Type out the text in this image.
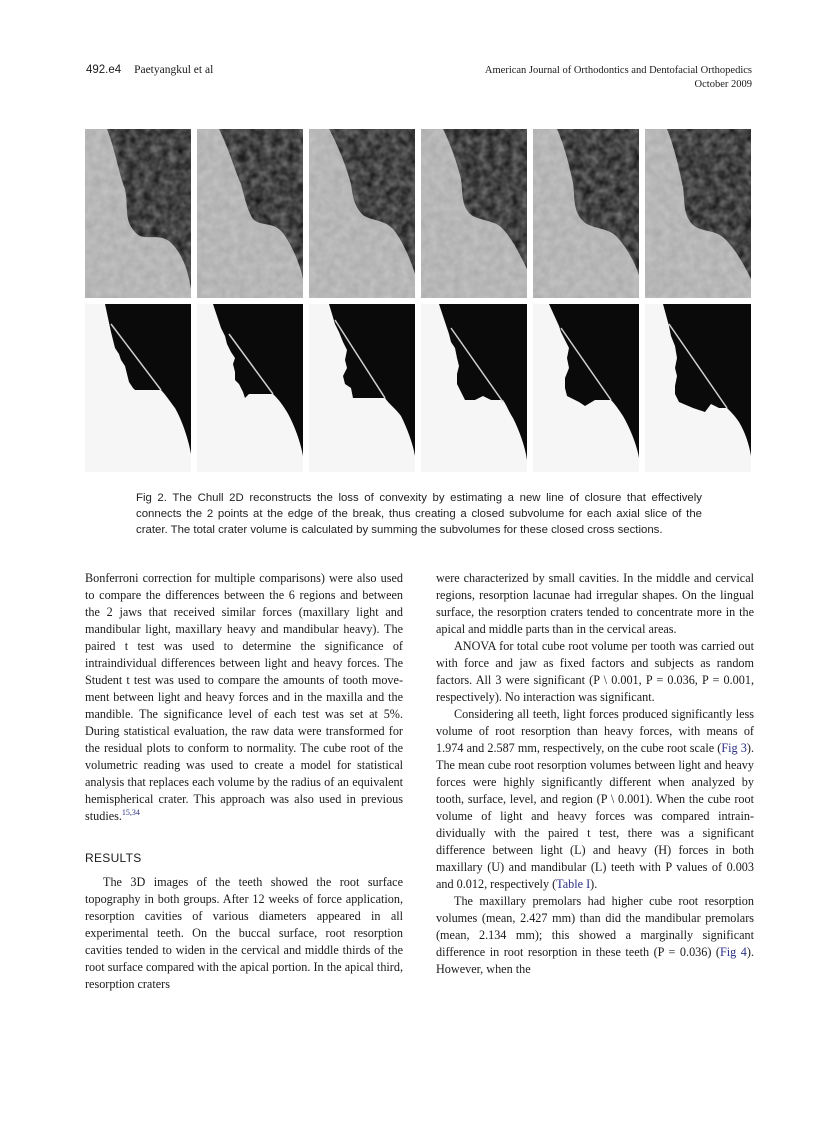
492.e4 Paetyangkul et al	American Journal of Orthodontics and Dentofacial Orthopedics
October 2009
Fig 2. The Chull 2D reconstructs the loss of convexity by estimating a new line of closure that effectively connects the 2 points at the edge of the break, thus creating a closed subvolume for each axial slice of the crater. The total crater volume is calculated by summing the subvolumes for these closed cross sections.

Bonferroni correction for multiple comparisons) were also used to compare the differences between the 6 regions and between the 2 jaws that received similar forces (maxillary light and mandibular light, maxillary heavy and mandibular heavy). The paired t test was used to determine the significance of intraindividual differences between light and heavy forces. The Student t test was used to compare the amounts of tooth movement between light and heavy forces and in the maxilla and the mandible. The significance level of each test was set at 5%. During statistical evaluation, the raw data were transformed for the residual plots to conform to normality. The cube root of the volumetric reading was used to create a model for statistical analysis that replaces each volume by the radius of an equivalent hemispherical crater. This approach was also used in previous studies.$^{15,34}$

RESULTS

The 3D images of the teeth showed the root surface topography in both groups. After 12 weeks of force application, resorption cavities of various diameters appeared in all experimental teeth. On the buccal surface, root resorption cavities tended to widen in the cervical and middle thirds of the root surface compared with the apical portion. In the apical third, resorption craters

were characterized by small cavities. In the middle and cervical regions, resorption lacunae had irregular shapes. On the lingual surface, the resorption craters tended to concentrate more in the apical and middle parts than in the cervical areas.

ANOVA for total cube root volume per tooth was carried out with force and jaw as fixed factors and subjects as random factors. All 3 were significant (P \ 0.001, P = 0.036, P = 0.001, respectively). No interaction was significant.

Considering all teeth, light forces produced significantly less volume of root resorption than heavy forces, with means of 1.974 and 2.587 mm, respectively, on the cube root scale (Fig 3). The mean cube root resorption volumes between light and heavy forces were highly significantly different when analyzed by tooth, surface, level, and region (P \ 0.001). When the cube root volume of light and heavy forces was compared intraindividually with the paired t test, there was a significant difference between light (L) and heavy (H) forces in both maxillary (U) and mandibular (L) teeth with P values of 0.003 and 0.012, respectively (Table I).

The maxillary premolars had higher cube root resorption volumes (mean, 2.427 mm) than did the mandibular premolars (mean, 2.134 mm); this showed a marginally significant difference in root resorption in these teeth (P = 0.036) (Fig 4). However, when the
